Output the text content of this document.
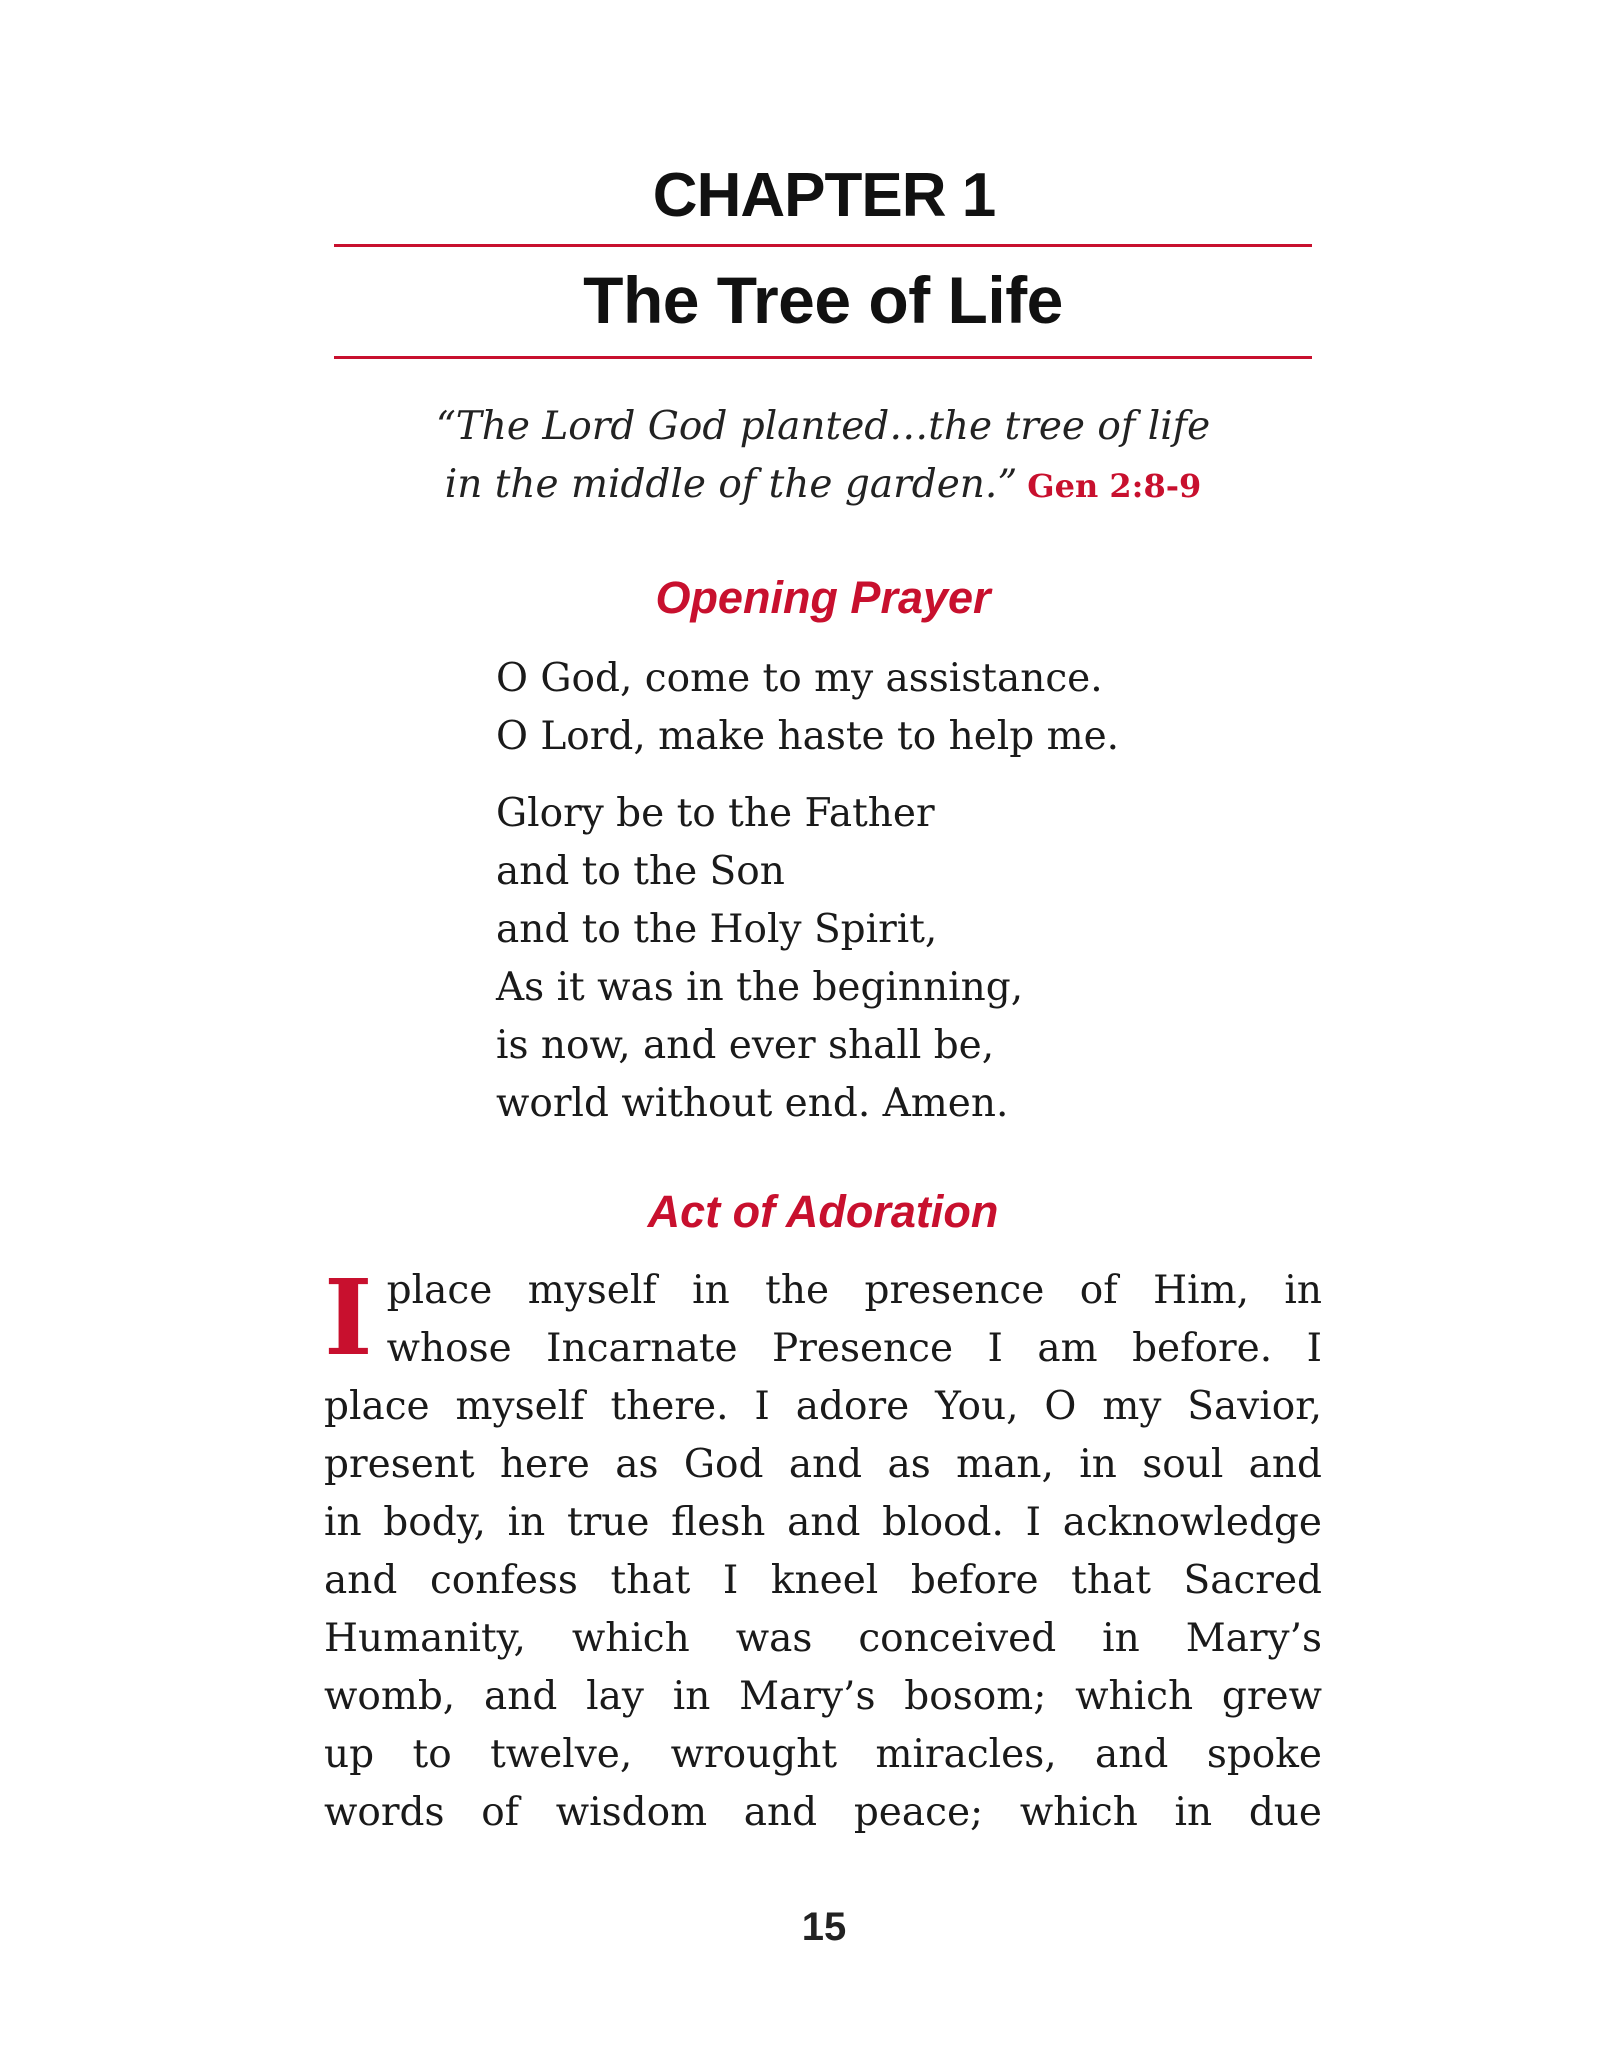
CHAPTER 1
The Tree of Life
“The Lord God planted…the tree of life
in the middle of the garden.” Gen 2:8-9
Opening Prayer
O God, come to my assistance.
O Lord, make haste to help me.
Glory be to the Father
and to the Son
and to the Holy Spirit,
As it was in the beginning,
is now, and ever shall be,
world without end. Amen.
Act of Adoration
I place myself in the presence of Him, in
whose Incarnate Presence I am before. I
place myself there. I adore You, O my Savior,
present here as God and as man, in soul and
in body, in true flesh and blood. I acknowledge
and confess that I kneel before that Sacred
Humanity, which was conceived in Mary’s
womb, and lay in Mary’s bosom; which grew
up to twelve, wrought miracles, and spoke
words of wisdom and peace; which in due
15
